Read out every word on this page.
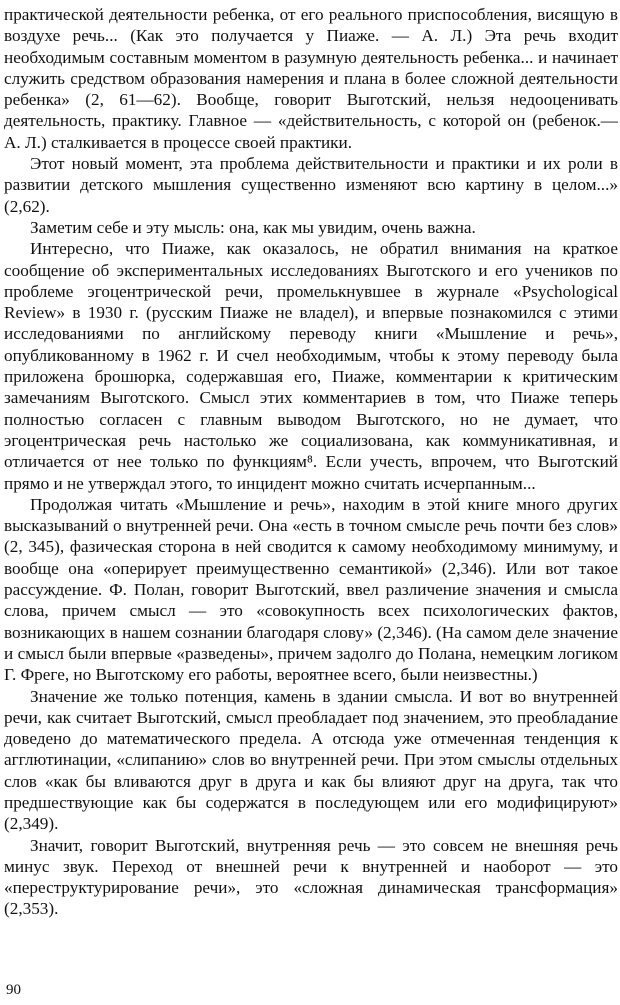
практической деятельности ребенка, от его реального приспособления, висящую в воздухе речь... (Как это получается у Пиаже. — А. Л.) Эта речь входит необходимым составным моментом в разумную деятельность ребенка... и начинает служить средством образования намерения и плана в более сложной деятельности ребенка» (2, 61—62). Вообще, говорит Выготский, нельзя недооценивать деятельность, практику. Главное — «действительность, с которой он (ребенок.— А. Л.) сталкивается в процессе своей практики.

Этот новый момент, эта проблема действительности и практики и их роли в развитии детского мышления существенно изменяют всю картину в целом...» (2,62).

Заметим себе и эту мысль: она, как мы увидим, очень важна.

Интересно, что Пиаже, как оказалось, не обратил внимания на краткое сообщение об экспериментальных исследованиях Выготского и его учеников по проблеме эгоцентрической речи, промелькнувшее в журнале «Psychological Review» в 1930 г. (русским Пиаже не владел), и впервые познакомился с этими исследованиями по английскому переводу книги «Мышление и речь», опубликованному в 1962 г. И счел необходимым, чтобы к этому переводу была приложена брошюрка, содержавшая его, Пиаже, комментарии к критическим замечаниям Выготского. Смысл этих комментариев в том, что Пиаже теперь полностью согласен с главным выводом Выготского, но не думает, что эгоцентрическая речь настолько же социализована, как коммуникативная, и отличается от нее только по функциям⁸. Если учесть, впрочем, что Выготский прямо и не утверждал этого, то инцидент можно считать исчерпанным...

Продолжая читать «Мышление и речь», находим в этой книге много других высказываний о внутренней речи. Она «есть в точном смысле речь почти без слов» (2, 345), фазическая сторона в ней сводится к самому необходимому минимуму, и вообще она «оперирует преимущественно семантикой» (2,346). Или вот такое рассуждение. Ф. Полан, говорит Выготский, ввел различение значения и смысла слова, причем смысл — это «совокупность всех психологических фактов, возникающих в нашем сознании благодаря слову» (2,346). (На самом деле значение и смысл были впервые «разведены», причем задолго до Полана, немецким логиком Г. Фреге, но Выготскому его работы, вероятнее всего, были неизвестны.)

Значение же только потенция, камень в здании смысла. И вот во внутренней речи, как считает Выготский, смысл преобладает под значением, это преобладание доведено до математического предела. А отсюда уже отмеченная тенденция к агглютинации, «слипанию» слов во внутренней речи. При этом смыслы отдельных слов «как бы вливаются друг в друга и как бы влияют друг на друга, так что предшествующие как бы содержатся в последующем или его модифицируют» (2,349).

Значит, говорит Выготский, внутренняя речь — это совсем не внешняя речь минус звук. Переход от внешней речи к внутренней и наоборот — это «переструктурирование речи», это «сложная динамическая трансформация» (2,353).

90
